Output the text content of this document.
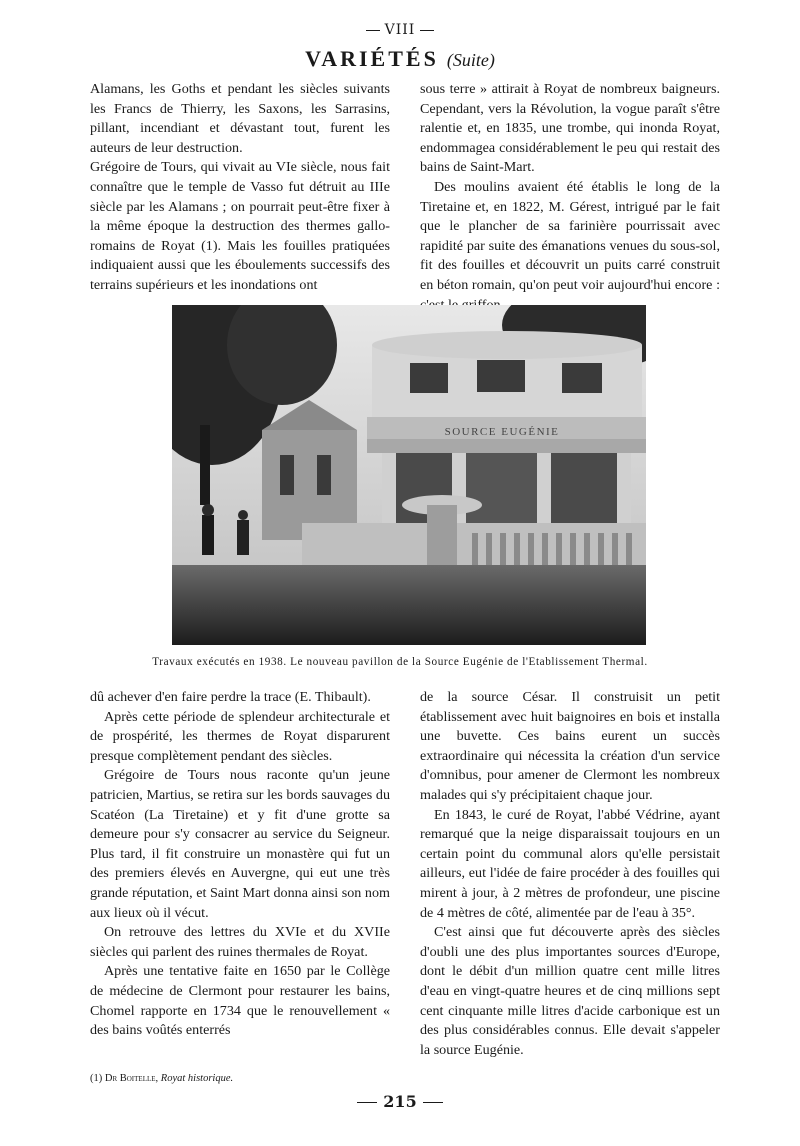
VIII
VARIÉTÉS (Suite)

Alamans, les Goths et pendant les siècles suivants les Francs de Thierry, les Saxons, les Sarrasins, pillant, incendiant et dévastant tout, furent les auteurs de leur destruction.

Grégoire de Tours, qui vivait au VIe siècle, nous fait connaître que le temple de Vasso fut détruit au IIIe siècle par les Alamans ; on pourrait peut-être fixer à la même époque la destruction des thermes gallo-romains de Royat (1). Mais les fouilles pratiquées indiquaient aussi que les éboulements successifs des terrains supérieurs et les inondations ont

sous terre » attirait à Royat de nombreux baigneurs. Cependant, vers la Révolution, la vogue paraît s'être ralentie et, en 1835, une trombe, qui inonda Royat, endommagea considérablement le peu qui restait des bains de Saint-Mart.

Des moulins avaient été établis le long de la Tiretaine et, en 1822, M. Gérest, intrigué par le fait que le plancher de sa farinière pourrissait avec rapidité par suite des émanations venues du sous-sol, fit des fouilles et découvrit un puits carré construit en béton romain, qu'on peut voir aujourd'hui encore :

SOURCE EUGÉNIE
Travaux exécutés en 1938. Le nouveau pavillon de la Source Eugénie de l'Etablissement Thermal.

dû achever d'en faire perdre la trace (E. Thibault).

Après cette période de splendeur architecturale et de prospérité, les thermes de Royat disparurent presque complètement pendant des siècles.

Grégoire de Tours nous raconte qu'un jeune patricien, Martius, se retira sur les bords sauvages du Scatéon (La Tiretaine) et y fit d'une grotte sa demeure pour s'y consacrer au service du Seigneur. Plus tard, il fit construire un monastère qui fut un des premiers élevés en Auvergne, qui eut une très grande réputation, et Saint Mart donna ainsi son nom aux lieux où il vécut.

On retrouve des lettres du XVIe et du XVIIe siècles qui parlent des ruines thermales de Royat.

Après une tentative faite en 1650 par le Collège de médecine de Clermont pour restaurer les bains, Chomel rapporte en 1734 que le renouvellement « des bains voûtés enterrés

de la source César. Il construisit un petit établissement avec huit baignoires en bois et installa une buvette. Ces bains eurent un succès extraordinaire qui nécessita la création d'un service d'omnibus, pour amener de Clermont les nombreux malades qui s'y précipitaient chaque jour.

En 1843, le curé de Royat, l'abbé Védrine, ayant remarqué que la neige disparaissait toujours en un certain point du communal alors qu'elle persistait ailleurs, eut l'idée de faire procéder à des fouilles qui mirent à jour, à 2 mètres de profondeur, une piscine de 4 mètres de côté, alimentée par de l'eau à 35°.

C'est ainsi que fut découverte après des siècles d'oubli une des plus importantes sources d'Europe, dont le débit d'un million quatre cent mille litres d'eau en vingt-quatre heures et de cinq millions sept cent cinquante mille litres d'acide carbonique est un des plus considérables connus. Elle devait s'appeler la source Eugénie.

(1) Dr Boitelle, Royat historique.
215
